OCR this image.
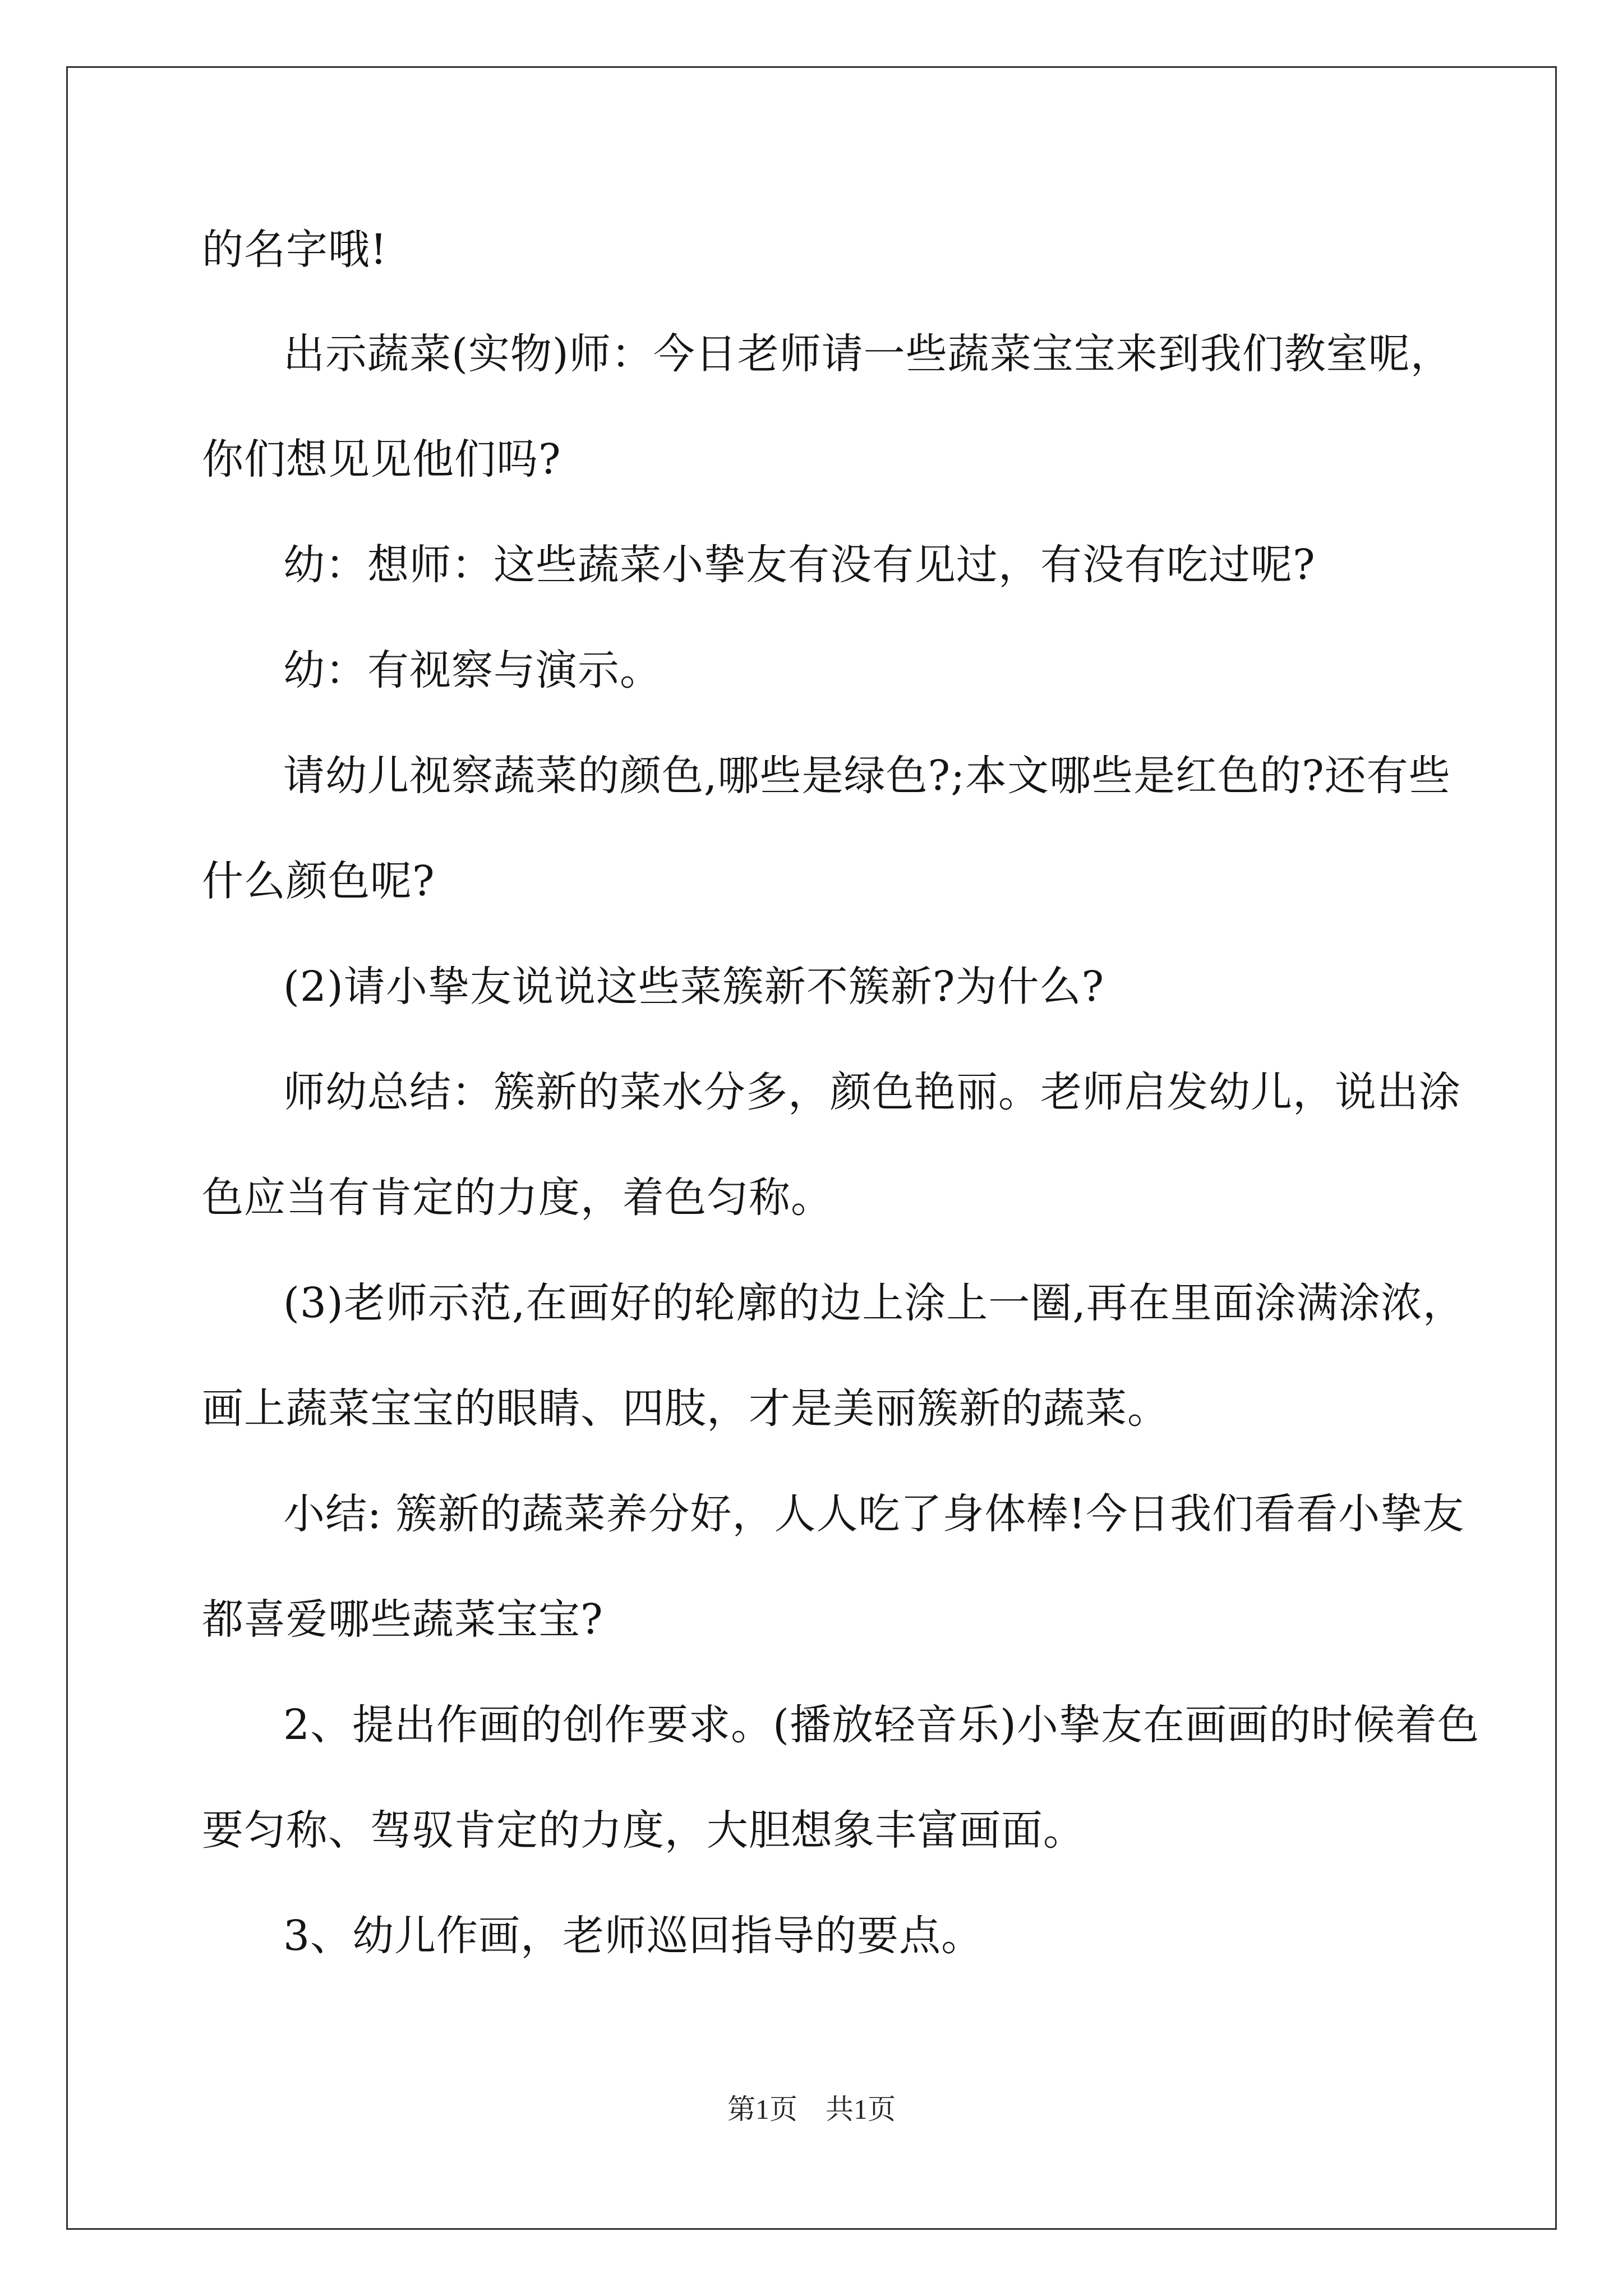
的名字哦!

出示蔬菜(实物)师：今日老师请一些蔬菜宝宝来到我们教室呢，

你们想见见他们吗?

幼：想师：这些蔬菜小挚友有没有见过，有没有吃过呢?

幼：有视察与演示。

请幼儿视察蔬菜的颜色,哪些是绿色?;本文哪些是红色的?还有些

什么颜色呢?

(2)请小挚友说说这些菜簇新不簇新?为什么?

师幼总结：簇新的菜水分多，颜色艳丽。老师启发幼儿，说出涂

色应当有肯定的力度，着色匀称。

(3)老师示范,在画好的轮廓的边上涂上一圈,再在里面涂满涂浓，

画上蔬菜宝宝的眼睛、四肢，才是美丽簇新的蔬菜。

小结: 簇新的蔬菜养分好，人人吃了身体棒!今日我们看看小挚友

都喜爱哪些蔬菜宝宝?

2、提出作画的创作要求。(播放轻音乐)小挚友在画画的时候着色

要匀称、驾驭肯定的力度，大胆想象丰富画面。

3、幼儿作画，老师巡回指导的要点。

第1页　共1页
